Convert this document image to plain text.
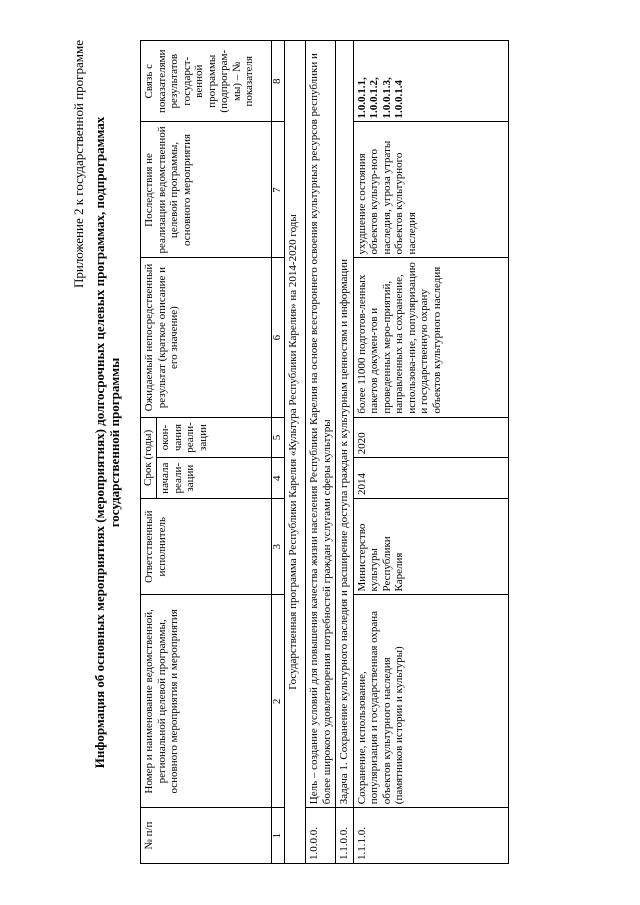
Приложение 2 к государственной программе Информация об основных мероприятиях (мероприятиях) долгосрочных целевых программах, подпрограммах государственной программы
№ п/п	Номер и наименование ведомственной, региональной целевой программы, основного мероприятия и мероприятия	Ответственный исполнитель	Срок (годы)		Ожидаемый непосредственный результат (краткое описание и его значение)	Последствия не реализации ведомственной целевой программы, основного мероприятия	Связь с показателями результатов государст-венной программы (подпрограм-мы) – № показателя
			начала реали-зации	окон-чания реали-зации			
1	2	3	4	5	6	7	8
Государственная программа Республики Карелия «Культура Республики Карелия» на 2014-2020 годы							
1.0.0.0.	Цель – создание условий для повышения качества жизни населения Республики Карелия на основе всестороннего освоения культурных ресурсов республики и более широкого удовлетворения потребностей граждан услугами сферы культуры						
1.1.0.0.	Задача 1. Сохранение культурного наследия и расширение доступа граждан к культурным ценностям и информации						
1.1.1.0.	Сохранение, использование, популяризация и государственная охрана объектов культурного наследия (памятников истории и культуры)	Министерство культуры Республики Карелия	2014	2020	более 11000 подготов-ленных пакетов докумен-тов и проведенных меро-приятий, направленных на сохранение, использова-ние, популяризацию и государственную охрану объектов культурного наследия	ухудшение состояния объектов культур-ного наследия, угроза утраты объектов культурного наследия	1.0.0.1.1, 1.0.0.1.2, 1.0.0.1.3, 1.0.0.1.4
